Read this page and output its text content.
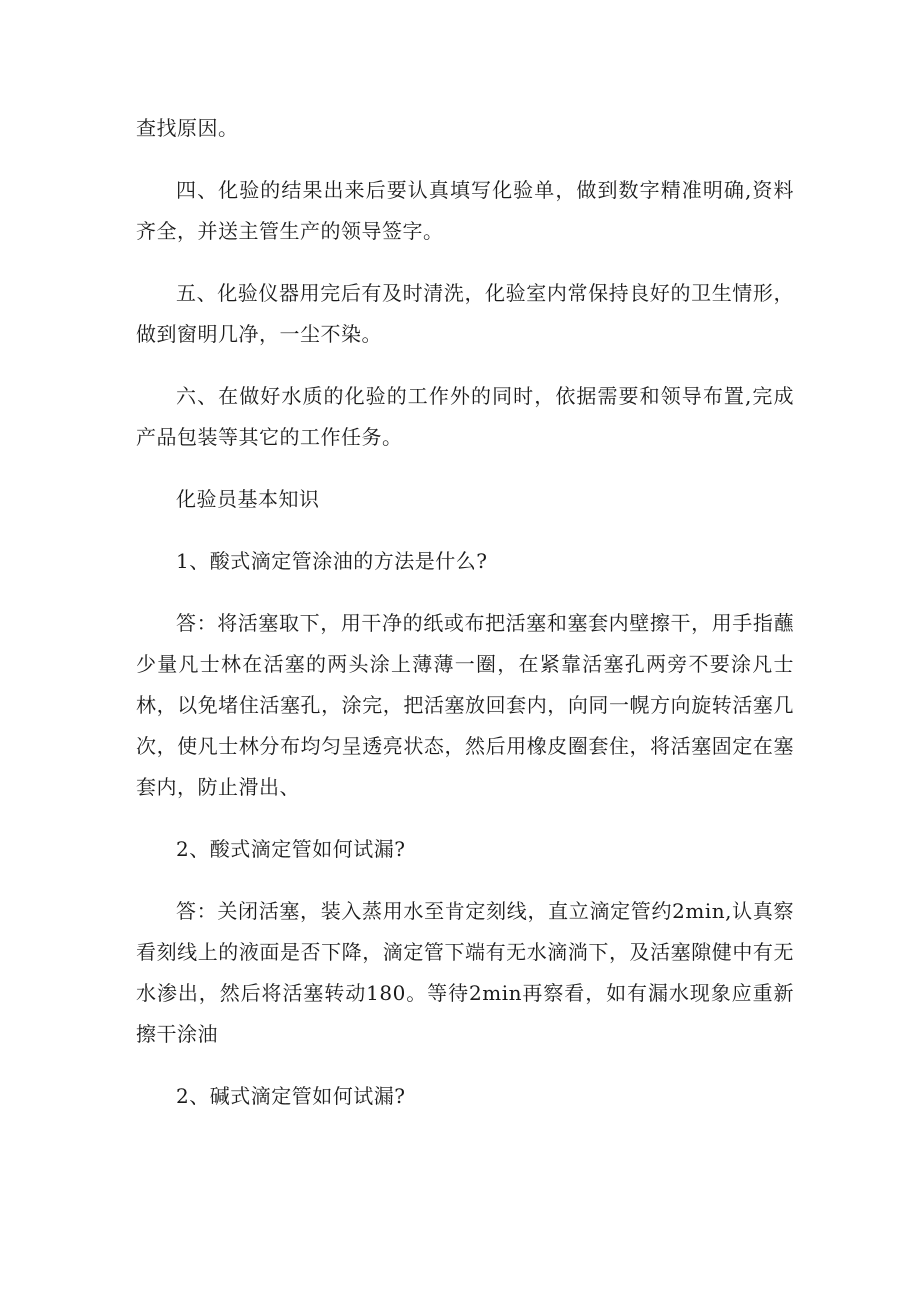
查找原因。

四、化验的结果出来后要认真填写化验单，做到数字精准明确,资料齐全，并送主管生产的领导签字。

五、化验仪器用完后有及时清洗，化验室内常保持良好的卫生情形，做到窗明几净，一尘不染。

六、在做好水质的化验的工作外的同时，依据需要和领导布置,完成产品包装等其它的工作任务。

化验员基本知识

1、酸式滴定管涂油的方法是什么?

答：将活塞取下，用干净的纸或布把活塞和塞套内壁擦干，用手指蘸少量凡士林在活塞的两头涂上薄薄一圈，在紧靠活塞孔两旁不要涂凡士林，以免堵住活塞孔，涂完，把活塞放回套内，向同一幌方向旋转活塞几次，使凡士林分布均匀呈透亮状态，然后用橡皮圈套住，将活塞固定在塞套内，防止滑出、

2、酸式滴定管如何试漏?

答：关闭活塞，装入蒸用水至肯定刻线，直立滴定管约2min,认真察看刻线上的液面是否下降，滴定管下端有无水滴淌下，及活塞隙健中有无水渗出，然后将活塞转动180。等待2min再察看，如有漏水现象应重新擦干涂油

2、碱式滴定管如何试漏?
